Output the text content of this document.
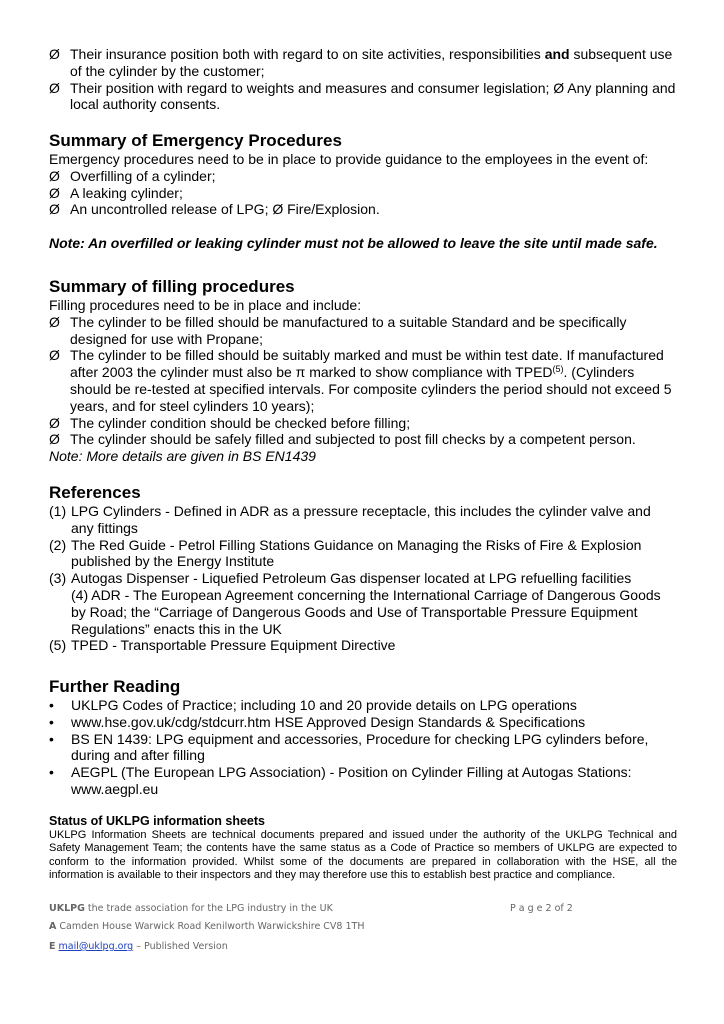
Ø Their insurance position both with regard to on site activities, responsibilities and subsequent use of the cylinder by the customer;
Ø Their position with regard to weights and measures and consumer legislation; Ø Any planning and local authority consents.
Summary of Emergency Procedures
Emergency procedures need to be in place to provide guidance to the employees in the event of:
Ø Overfilling of a cylinder;
Ø A leaking cylinder;
Ø An uncontrolled release of LPG; Ø Fire/Explosion.
Note: An overfilled or leaking cylinder must not be allowed to leave the site until made safe.
Summary of filling procedures
Filling procedures need to be in place and include:
Ø The cylinder to be filled should be manufactured to a suitable Standard and be specifically designed for use with Propane;
Ø The cylinder to be filled should be suitably marked and must be within test date. If manufactured after 2003 the cylinder must also be π marked to show compliance with TPED$^{(5)}$. (Cylinders should be re-tested at specified intervals. For composite cylinders the period should not exceed 5 years, and for steel cylinders 10 years);
Ø The cylinder condition should be checked before filling;
Ø The cylinder should be safely filled and subjected to post fill checks by a competent person.
Note: More details are given in BS EN1439
References
(1) LPG Cylinders - Defined in ADR as a pressure receptacle, this includes the cylinder valve and any fittings
(2) The Red Guide - Petrol Filling Stations Guidance on Managing the Risks of Fire & Explosion published by the Energy Institute
(3) Autogas Dispenser - Liquefied Petroleum Gas dispenser located at LPG refuelling facilities
(4) ADR - The European Agreement concerning the International Carriage of Dangerous Goods by Road; the “Carriage of Dangerous Goods and Use of Transportable Pressure Equipment Regulations” enacts this in the UK
(5) TPED - Transportable Pressure Equipment Directive
Further Reading
• UKLPG Codes of Practice; including 10 and 20 provide details on LPG operations
• www.hse.gov.uk/cdg/stdcurr.htm HSE Approved Design Standards & Specifications
• BS EN 1439: LPG equipment and accessories, Procedure for checking LPG cylinders before, during and after filling
• AEGPL (The European LPG Association) - Position on Cylinder Filling at Autogas Stations: www.aegpl.eu
Status of UKLPG information sheets
UKLPG Information Sheets are technical documents prepared and issued under the authority of the UKLPG Technical and Safety Management Team; the contents have the same status as a Code of Practice so members of UKLPG are expected to conform to the information provided. Whilst some of the documents are prepared in collaboration with the HSE, all the information is available to their inspectors and they may therefore use this to establish best practice and compliance.
UKLPG the trade association for the LPG industry in the UK	P a g e 2 of 2
A Camden House Warwick Road Kenilworth Warwickshire CV8 1TH
E mail@uklpg.org – Published Version
